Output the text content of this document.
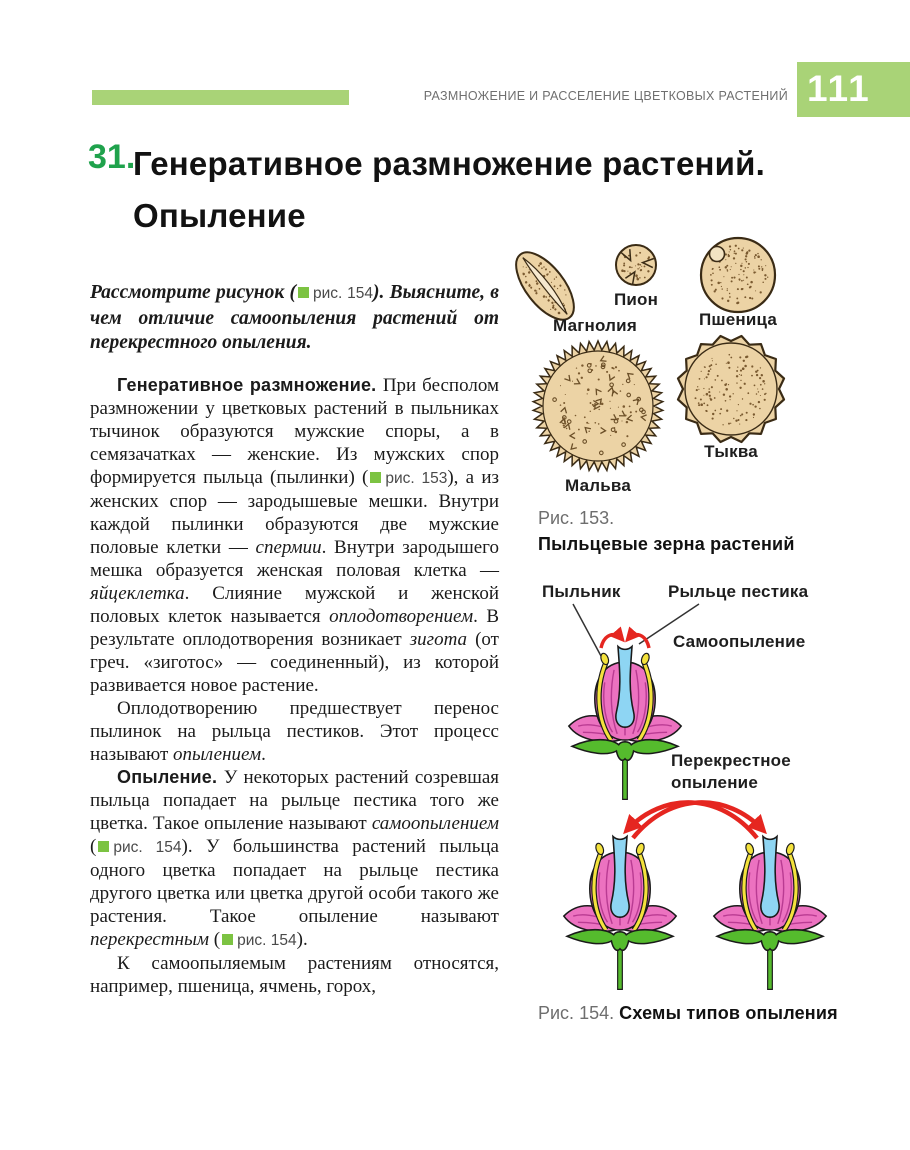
РАЗМНОЖЕНИЕ И РАССЕЛЕНИЕ ЦВЕТКОВЫХ РАСТЕНИЙ 111
31.
Генеративное размножение растений.
Опыление

Рассмотрите рисунок ( рис. 154). Выясните, в чем отличие самоопыления растений от перекрестного опыления.

Генеративное размножение. При бесполом размножении у цветковых растений в пыльниках тычинок образуются мужские споры, а в семязачатках — женские. Из мужских спор формируется пыльца (пылинки) ( рис. 153), а из женских спор — зародышевые мешки. Внутри каждой пылинки образуются две мужские половые клетки — спермии. Внутри зародышего мешка образуется женская половая клетка — яйцеклетка. Слияние мужской и женской половых клеток называется оплодотворением. В результате оплодотворения возникает зигота (от греч. «зиготос» — соединенный), из которой развивается новое растение.

Оплодотворению предшествует перенос пылинок на рыльца пестиков. Этот процесс называют опылением.

Опыление. У некоторых растений созревшая пыльца попадает на рыльце пестика того же цветка. Такое опыление называют самоопылением ( рис. 154). У большинства растений пыльца одного цветка попадает на рыльце пестика другого цветка или цветка другой особи такого же растения. Такое опыление называют перекрестным ( рис. 154).

К самоопыляемым растениям относятся, например, пшеница, ячмень, горох,

Магнолия
Пион
Пшеница
Мальва
Тыква
Рис. 153.
Пыльцевые зерна растений
Пыльник	Рыльце пестика
Самоопыление
Перекрестное
опыление
Рис. 154. Схемы типов опыления
